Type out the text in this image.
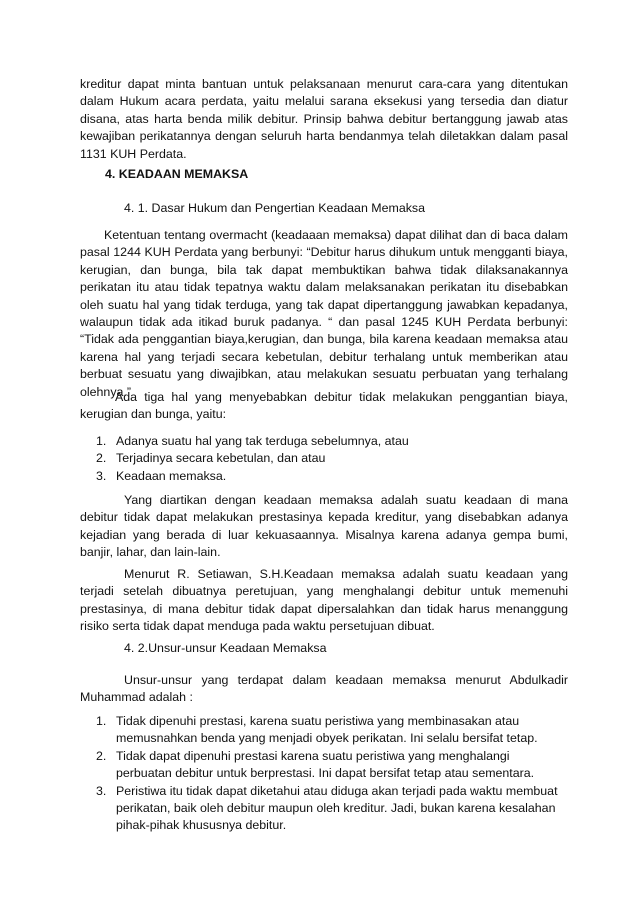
kreditur dapat minta bantuan untuk pelaksanaan menurut cara-cara yang ditentukan dalam Hukum acara perdata, yaitu melalui sarana eksekusi yang tersedia dan diatur disana, atas harta benda milik debitur. Prinsip bahwa debitur bertanggung jawab atas kewajiban perikatannya dengan seluruh harta bendanmya telah diletakkan dalam pasal 1131 KUH Perdata.

4. KEADAAN MEMAKSA

4. 1. Dasar Hukum dan Pengertian Keadaan Memaksa

Ketentuan tentang overmacht (keadaaan memaksa) dapat dilihat dan di baca dalam pasal 1244 KUH Perdata yang berbunyi: “Debitur harus dihukum untuk mengganti biaya, kerugian, dan bunga, bila tak dapat membuktikan bahwa tidak dilaksanakannya perikatan itu atau tidak tepatnya waktu dalam melaksanakan perikatan itu disebabkan oleh suatu hal yang tidak terduga, yang tak dapat dipertanggung jawabkan kepadanya, walaupun tidak ada itikad buruk padanya. “ dan pasal 1245 KUH Perdata berbunyi: “Tidak ada penggantian biaya,kerugian, dan bunga, bila karena keadaan memaksa atau karena hal yang terjadi secara kebetulan, debitur terhalang untuk memberikan atau berbuat sesuatu yang diwajibkan, atau melakukan sesuatu perbuatan yang terhalang olehnya.”

Ada tiga hal yang menyebabkan debitur tidak melakukan penggantian biaya, kerugian dan bunga, yaitu:

1. Adanya suatu hal yang tak terduga sebelumnya, atau
2. Terjadinya secara kebetulan, dan atau
3. Keadaan memaksa.

Yang diartikan dengan keadaan memaksa adalah suatu keadaan di mana debitur tidak dapat melakukan prestasinya kepada kreditur, yang disebabkan adanya kejadian yang berada di luar kekuasaannya. Misalnya karena adanya gempa bumi, banjir, lahar, dan lain-lain.

Menurut R. Setiawan, S.H.Keadaan memaksa adalah suatu keadaan yang terjadi setelah dibuatnya peretujuan, yang menghalangi debitur untuk memenuhi prestasinya, di mana debitur tidak dapat dipersalahkan dan tidak harus menanggung risiko serta tidak dapat menduga pada waktu persetujuan dibuat.

4. 2.Unsur-unsur Keadaan Memaksa

Unsur-unsur yang terdapat dalam keadaan memaksa menurut Abdulkadir Muhammad adalah :

1. Tidak dipenuhi prestasi, karena suatu peristiwa yang membinasakan atau memusnahkan benda yang menjadi obyek perikatan. Ini selalu bersifat tetap.
2. Tidak dapat dipenuhi prestasi karena suatu peristiwa yang menghalangi perbuatan debitur untuk berprestasi. Ini dapat bersifat tetap atau sementara.
3. Peristiwa itu tidak dapat diketahui atau diduga akan terjadi pada waktu membuat perikatan, baik oleh debitur maupun oleh kreditur. Jadi, bukan karena kesalahan pihak-pihak khususnya debitur.
